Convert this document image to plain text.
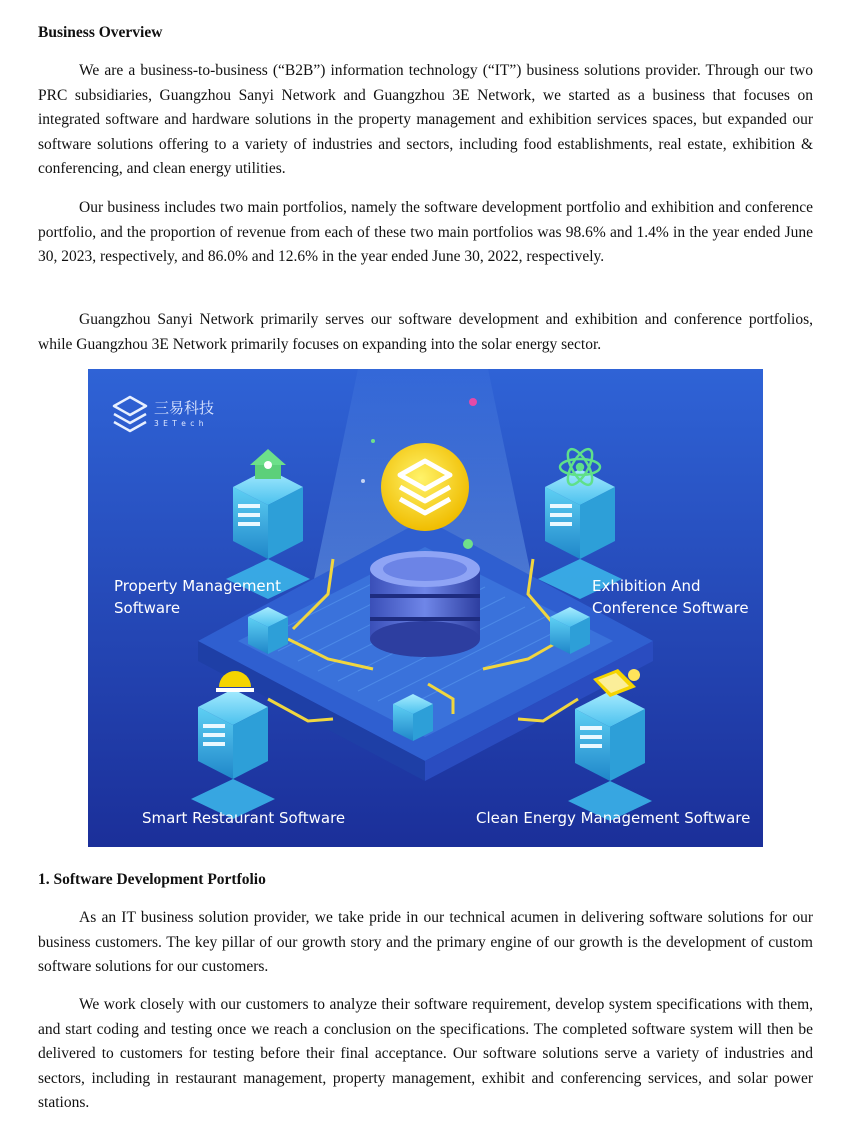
Business Overview

We are a business-to-business (“B2B”) information technology (“IT”) business solutions provider. Through our two PRC subsidiaries, Guangzhou Sanyi Network and Guangzhou 3E Network, we started as a business that focuses on integrated software and hardware solutions in the property management and exhibition services spaces, but expanded our software solutions offering to a variety of industries and sectors, including food establishments, real estate, exhibition & conferencing, and clean energy utilities.

Our business includes two main portfolios, namely the software development portfolio and exhibition and conference portfolio, and the proportion of revenue from each of these two main portfolios was 98.6% and 1.4% in the year ended June 30, 2023, respectively, and 86.0% and 12.6% in the year ended June 30, 2022, respectively.

Guangzhou Sanyi Network primarily serves our software development and exhibition and conference portfolios, while Guangzhou 3E Network primarily focuses on expanding into the solar energy sector.

三易科技
3 E T e c h
Property Management
Software
Exhibition And
Conference Software
Smart Restaurant Software	Clean Energy Management Software
1. Software Development Portfolio

As an IT business solution provider, we take pride in our technical acumen in delivering software solutions for our business customers. The key pillar of our growth story and the primary engine of our growth is the development of custom software solutions for our customers.

We work closely with our customers to analyze their software requirement, develop system specifications with them, and start coding and testing once we reach a conclusion on the specifications. The completed software system will then be delivered to customers for testing before their final acceptance. Our software solutions serve a variety of industries and sectors, including in restaurant management, property management, exhibit and conferencing services, and solar power stations.
